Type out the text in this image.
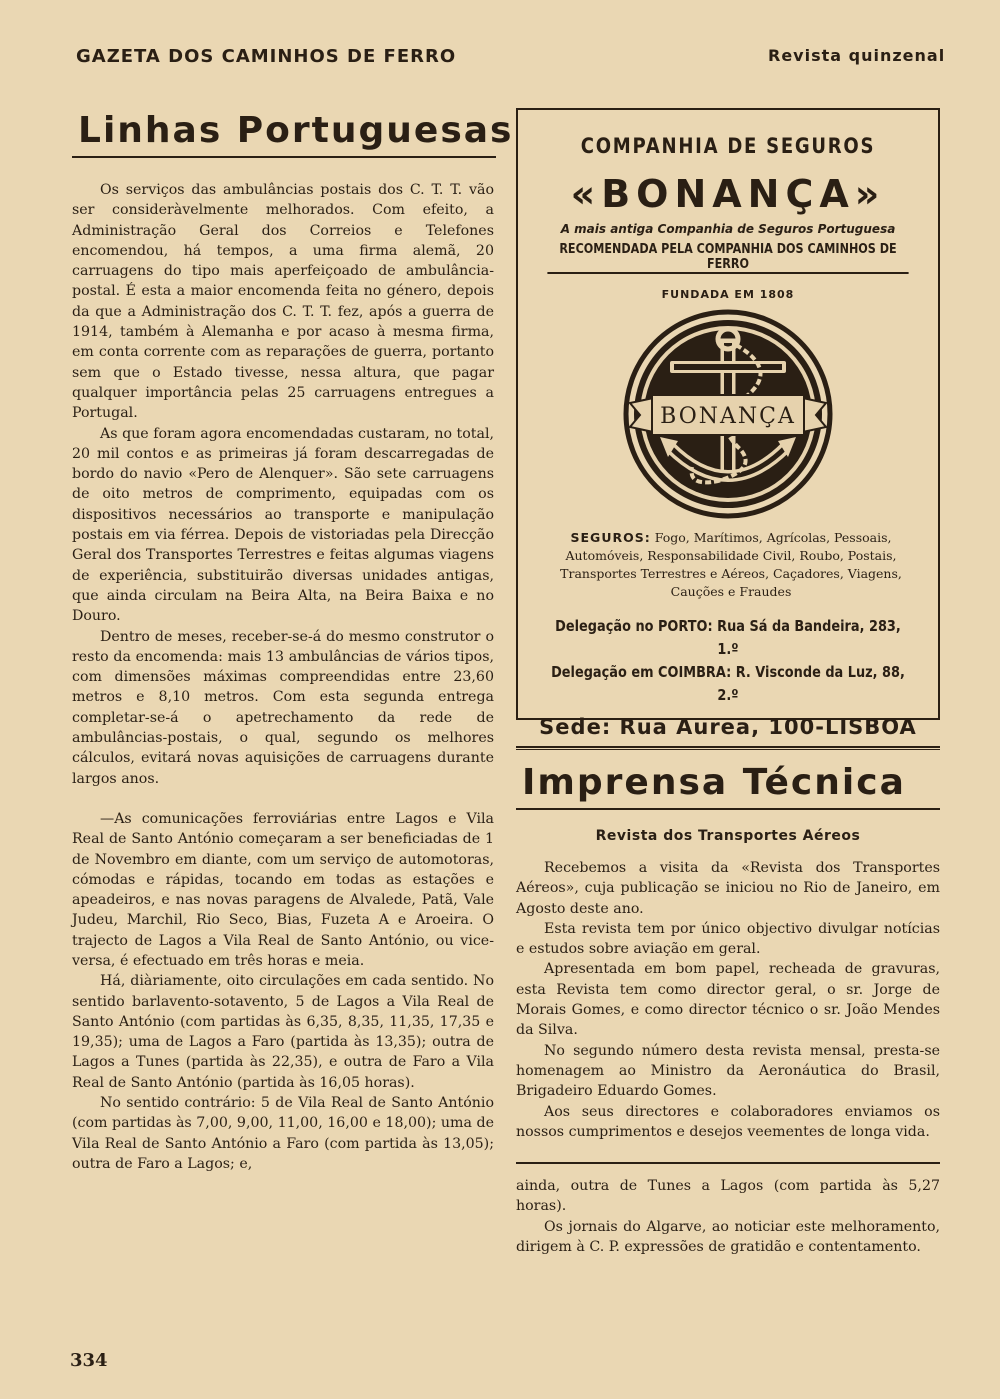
GAZETA DOS CAMINHOS DE FERRO	Revista quinzenal
Linhas Portuguesas

Os serviços das ambulâncias postais dos C. T. T. vão ser consideràvelmente melhorados. Com efeito, a Administração Geral dos Correios e Telefones encomendou, há tempos, a uma firma alemã, 20 carruagens do tipo mais aperfeiçoado de ambulância-postal. É esta a maior encomenda feita no género, depois da que a Administração dos C. T. T. fez, após a guerra de 1914, também à Alemanha e por acaso à mesma firma, em conta corrente com as reparações de guerra, portanto sem que o Estado tivesse, nessa altura, que pagar qualquer importância pelas 25 carruagens entregues a Portugal.

As que foram agora encomendadas custaram, no total, 20 mil contos e as primeiras já foram descarregadas de bordo do navio «Pero de Alenquer». São sete carruagens de oito metros de comprimento, equipadas com os dispositivos necessários ao transporte e manipulação postais em via férrea. Depois de vistoriadas pela Direcção Geral dos Transportes Terrestres e feitas algumas viagens de experiência, substituirão diversas unidades antigas, que ainda circulam na Beira Alta, na Beira Baixa e no Douro.

Dentro de meses, receber-se-á do mesmo construtor o resto da encomenda: mais 13 ambulâncias de vários tipos, com dimensões máximas compreendidas entre 23,60 metros e 8,10 metros. Com esta segunda entrega completar-se-á o apetrechamento da rede de ambulâncias-postais, o qual, segundo os melhores cálculos, evitará novas aquisições de carruagens durante largos anos.

—As comunicações ferroviárias entre Lagos e Vila Real de Santo António começaram a ser beneficiadas de 1 de Novembro em diante, com um serviço de automotoras, cómodas e rápidas, tocando em todas as estações e apeadeiros, e nas novas paragens de Alvalede, Patã, Vale Judeu, Marchil, Rio Seco, Bias, Fuzeta A e Aroeira. O trajecto de Lagos a Vila Real de Santo António, ou vice-versa, é efectuado em três horas e meia.

Há, diàriamente, oito circulações em cada sentido. No sentido barlavento-sotavento, 5 de Lagos a Vila Real de Santo António (com partidas às 6,35, 8,35, 11,35, 17,35 e 19,35); uma de Lagos a Faro (partida às 13,35); outra de Lagos a Tunes (partida às 22,35), e outra de Faro a Vila Real de Santo António (partida às 16,05 horas).

No sentido contrário: 5 de Vila Real de Santo António (com partidas às 7,00, 9,00, 11,00, 16,00 e 18,00); uma de Vila Real de Santo António a Faro (com partida às 13,05); outra de Faro a Lagos; e,

COMPANHIA DE SEGUROS
«BONANÇA»
A mais antiga Companhia de Seguros Portuguesa
RECOMENDADA PELA COMPANHIA DOS CAMINHOS DE FERRO
FUNDADA EM 1808
BONANÇA
SEGUROS: Fogo, Marítimos, Agrícolas, Pessoais, Automóveis, Responsabilidade Civil, Roubo, Postais, Transportes Terrestres e Aéreos, Caçadores, Viagens, Cauções e Fraudes
Delegação no PORTO: Rua Sá da Bandeira, 283, 1.º
Delegação em COIMBRA: R. Visconde da Luz, 88, 2.º
Sede: Rua Aurea, 100-LISBOA
Imprensa Técnica
Revista dos Transportes Aéreos

Recebemos a visita da «Revista dos Transportes Aéreos», cuja publicação se iniciou no Rio de Janeiro, em Agosto deste ano.

Esta revista tem por único objectivo divulgar notícias e estudos sobre aviação em geral.

Apresentada em bom papel, recheada de gravuras, esta Revista tem como director geral, o sr. Jorge de Morais Gomes, e como director técnico o sr. João Mendes da Silva.

No segundo número desta revista mensal, presta-se homenagem ao Ministro da Aeronáutica do Brasil, Brigadeiro Eduardo Gomes.

Aos seus directores e colaboradores enviamos os nossos cumprimentos e desejos veementes de longa vida.

ainda, outra de Tunes a Lagos (com partida às 5,27 horas).

Os jornais do Algarve, ao noticiar este melhoramento, dirigem à C. P. expressões de gratidão e contentamento.

334
